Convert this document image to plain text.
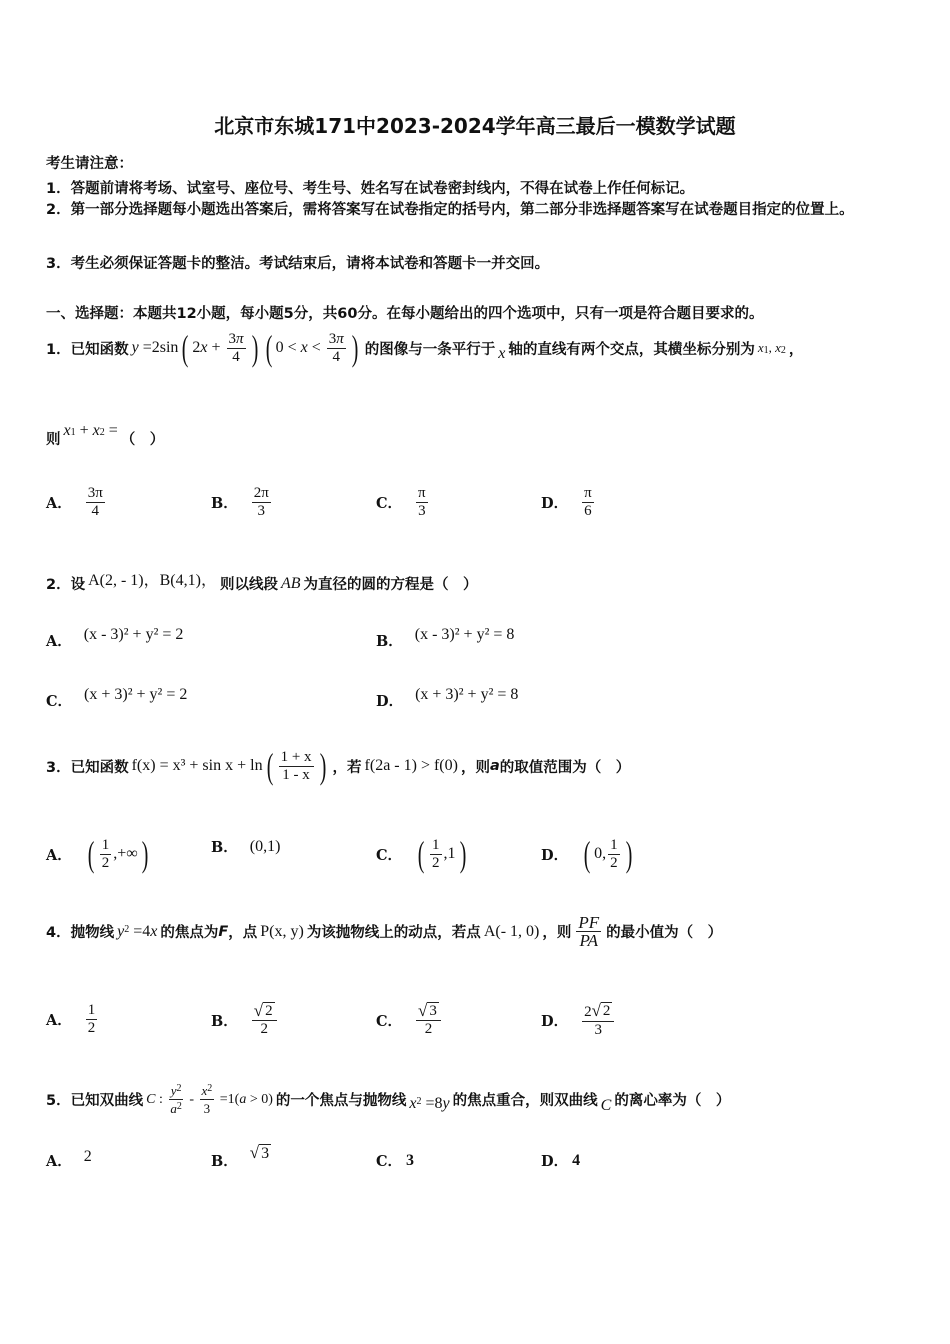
北京市东城171中2023-2024学年高三最后一模数学试题
考生请注意：
1．答题前请将考场、试室号、座位号、考生号、姓名写在试卷密封线内，不得在试卷上作任何标记。
2．第一部分选择题每小题选出答案后，需将答案写在试卷指定的括号内，第二部分非选择题答案写在试卷题目指定的位置上。
3．考生必须保证答题卡的整洁。考试结束后，请将本试卷和答题卡一并交回。
一、选择题：本题共12小题，每小题5分，共60分。在每小题给出的四个选项中，只有一项是符合题目要求的。
1．已知函数 y =2sin ( 2 $x + \frac{3\pi}{4}$ ) ( $0 < x < \frac{3\pi}{4}$ ) 的图像与一条平行于 x 轴的直线有两个交点，其横坐标分别为 $x_1$ , $x_2$ ，
则
$x_1 + x_2$ =
（　）
A． $\frac{3\pi}{4}$	B． $\frac{2\pi}{3}$	C． $\frac{\pi}{3}$	D． $\frac{\pi}{6}$
2．设 A(2, - 1)，B(4,1)， 则以线段 AB 为直径的圆的方程是（　）
A． (x - 3)² + y² = 2	B． (x - 3)² + y² = 8
C． (x + 3)² + y² = 2	D． (x + 3)² + y² = 8
3．已知函数 f(x) = x³ + sin x + ln ( $\frac{1 + x}{1 - x}$ ) ，若 f(2a - 1) > f(0) ，则 a 的取值范围为（　）
A． ( $\frac{1}{2}$ ,+∞ )	B． (0,1)
C． ( $\frac{1}{2} ,1$ )	D． ( 0, $\frac{1}{2}$ )
4．抛物线 $y^2 =4$ x 的焦点为 F ，点 P(x, y) 为该抛物线上的动点，若点 A(- 1, 0) ，则 $\frac{PF}{PA}$ 的最小值为（　）
A． $\frac{1}{2}$	B． $\frac{√ 2}{2}$	C． $\frac{√ 3}{2}$	D． $\frac{2 √ 2}{3}$
5．已知双曲线 C : $\frac{y^2}{a^2} - \frac{x^2}{3} =1$( a > 0) 的一个焦点与抛物线 $x^2 =8$ y 的焦点重合，则双曲线 C 的离心率为（　）
A． 2	B． √ 3	C． 3	D． 4
